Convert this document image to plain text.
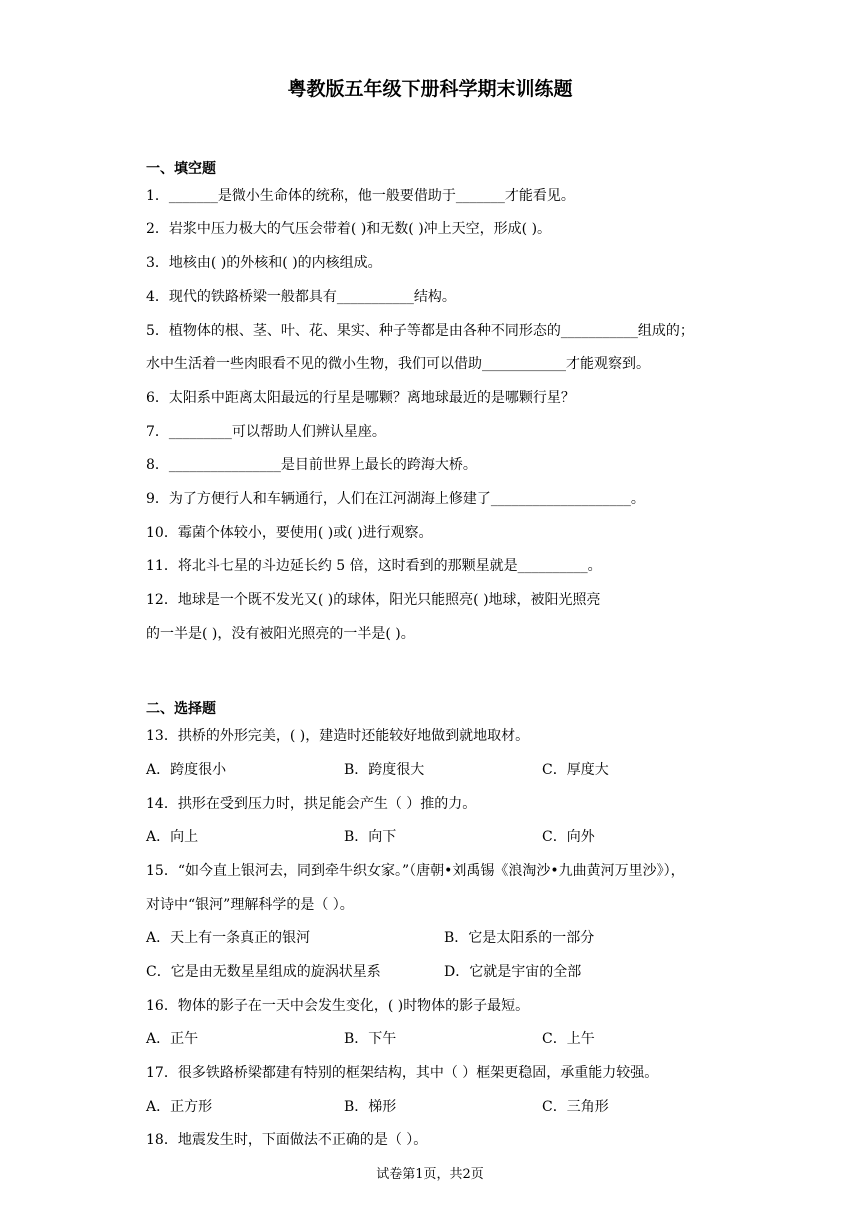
粤教版五年级下册科学期末训练题
一、填空题
1．_______是微小生命体的统称，他一般要借助于_______才能看见。
2．岩浆中压力极大的气压会带着( )和无数( )冲上天空，形成( )。
3．地核由( )的外核和( )的内核组成。
4．现代的铁路桥梁一般都具有___________结构。
5．植物体的根、茎、叶、花、果实、种子等都是由各种不同形态的___________组成的；
水中生活着一些肉眼看不见的微小生物，我们可以借助____________才能观察到。
6．太阳系中距离太阳最远的行星是哪颗？离地球最近的是哪颗行星？
7．_________可以帮助人们辨认星座。
8．________________是目前世界上最长的跨海大桥。
9．为了方便行人和车辆通行，人们在江河湖海上修建了____________________。
10．霉菌个体较小，要使用( )或( )进行观察。
11．将北斗七星的斗边延长约 5 倍，这时看到的那颗星就是__________。
12．地球是一个既不发光又( )的球体，阳光只能照亮( )地球，被阳光照亮
的一半是( )，没有被阳光照亮的一半是( )。
二、选择题
13．拱桥的外形完美，( )，建造时还能较好地做到就地取材。
A．跨度很小	B．跨度很大	C．厚度大
14．拱形在受到压力时，拱足能会产生（ ）推的力。
A．向上	B．向下	C．向外
15．“如今直上银河去，同到牵牛织女家。”（唐朝•刘禹锡《浪淘沙•九曲黄河万里沙》），
对诗中“银河”理解科学的是（ ）。
A．天上有一条真正的银河	B．它是太阳系的一部分
C．它是由无数星星组成的旋涡状星系	D．它就是宇宙的全部
16．物体的影子在一天中会发生变化，( )时物体的影子最短。
A．正午	B．下午	C．上午
17．很多铁路桥梁都建有特别的框架结构，其中（ ）框架更稳固，承重能力较强。
A．正方形	B．梯形	C．三角形
18．地震发生时，下面做法不正确的是（ ）。
试卷第1页，共2页
